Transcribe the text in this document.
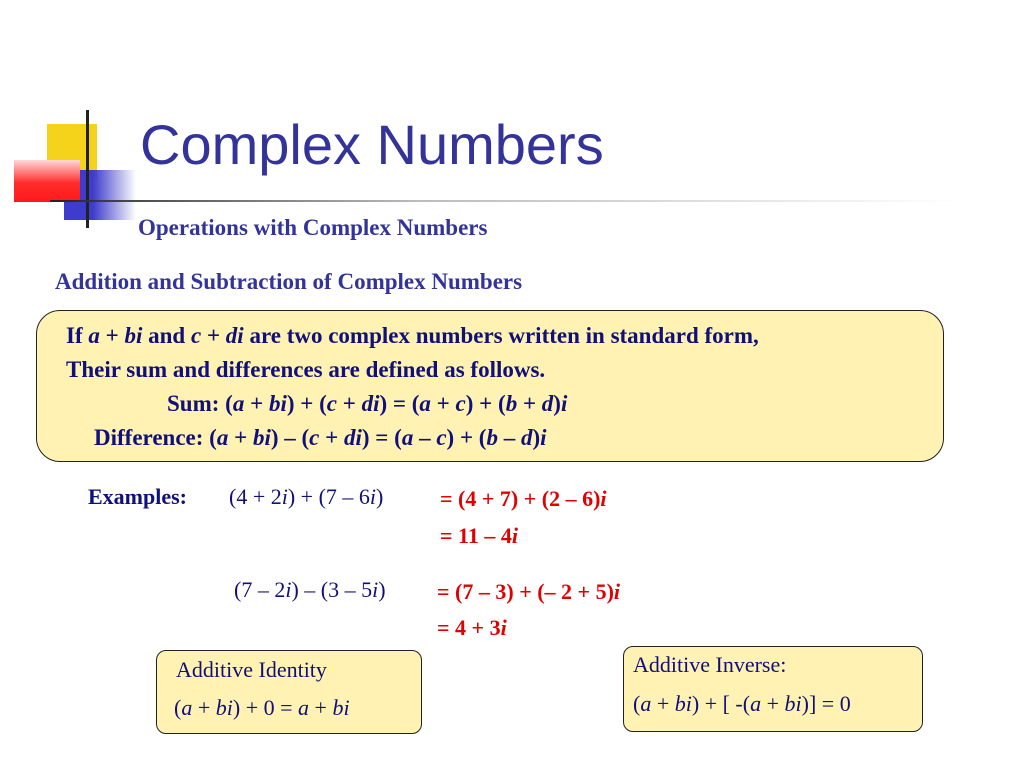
Complex Numbers
Operations with Complex Numbers
Addition and Subtraction of Complex Numbers
If a + bi and c + di are two complex numbers written in standard form,
Their sum and differences are defined as follows.
Sum: (a + bi) + (c + di) = (a + c) + (b + d)i
Difference: (a + bi) – (c + di) = (a – c) + (b – d)i
Examples: (4 + 2i) + (7 – 6i)	= (4 + 7) + (2 – 6)i
= 11 – 4i
(7 – 2i) – (3 – 5i) = (7 – 3) + (– 2 + 5)i
= 4 + 3i
Additive Identity
(a + bi) + 0 = a + bi
Additive Inverse:
(a + bi) + [ -(a + bi)] = 0
